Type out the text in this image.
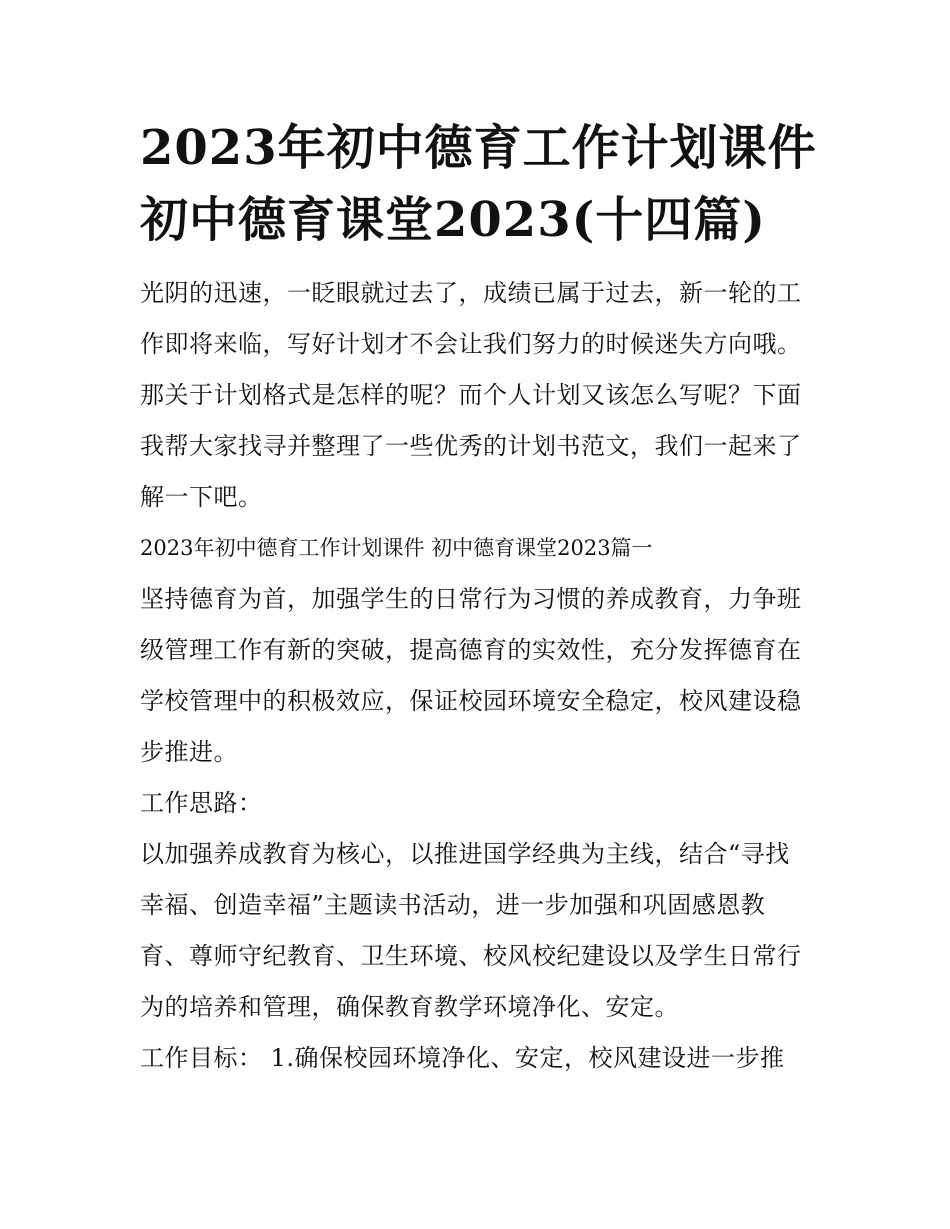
2023年初中德育工作计划课件
初中德育课堂2023(十四篇)

光阴的迅速，一眨眼就过去了，成绩已属于过去，新一轮的工
作即将来临，写好计划才不会让我们努力的时候迷失方向哦。
那关于计划格式是怎样的呢？而个人计划又该怎么写呢？下面
我帮大家找寻并整理了一些优秀的计划书范文，我们一起来了
解一下吧。

2023年初中德育工作计划课件 初中德育课堂2023篇一

坚持德育为首，加强学生的日常行为习惯的养成教育，力争班
级管理工作有新的突破，提高德育的实效性，充分发挥德育在
学校管理中的积极效应，保证校园环境安全稳定，校风建设稳
步推进。

工作思路：

以加强养成教育为核心，以推进国学经典为主线，结合“寻找
幸福、创造幸福”主题读书活动，进一步加强和巩固感恩教
育、尊师守纪教育、卫生环境、校风校纪建设以及学生日常行
为的培养和管理，确保教育教学环境净化、安定。

工作目标： 1.确保校园环境净化、安定，校风建设进一步推
